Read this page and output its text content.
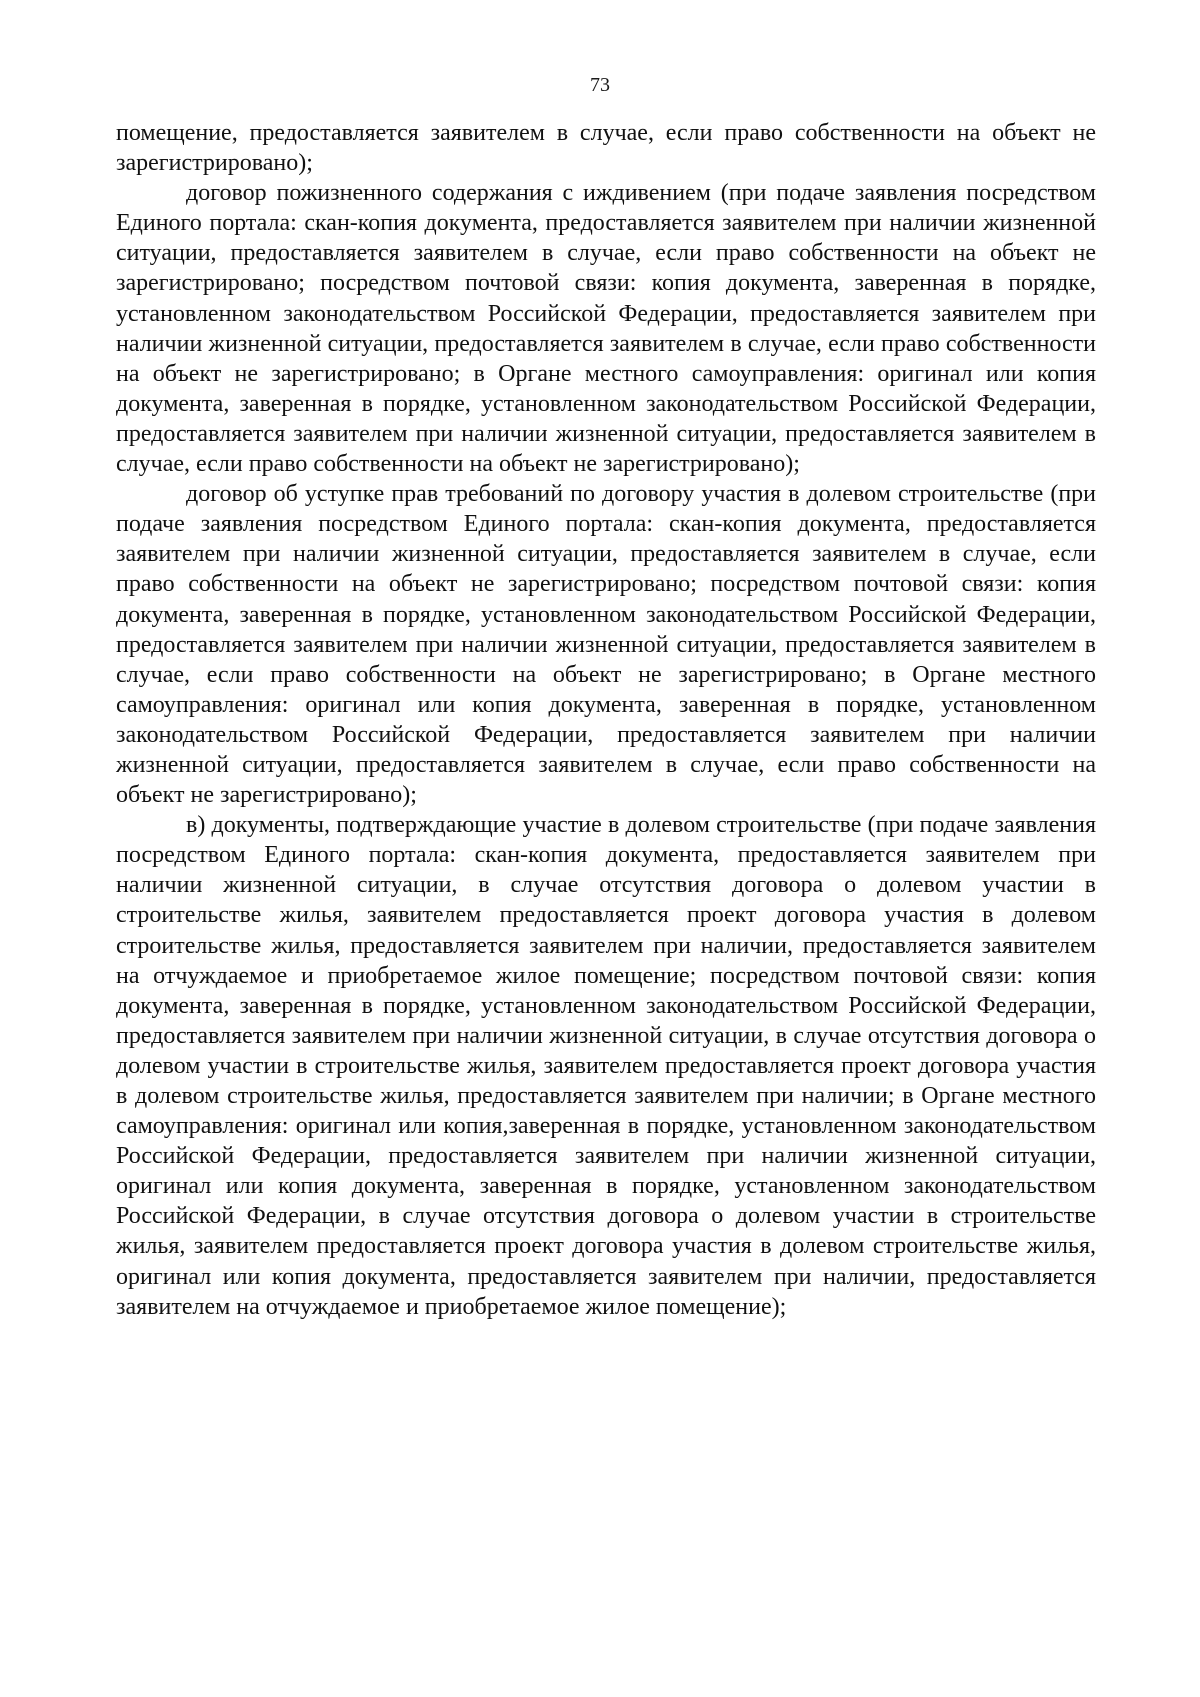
73

помещение, предоставляется заявителем в случае, если право собственности на объект не зарегистрировано);

договор пожизненного содержания с иждивением (при подаче заявления посредством Единого портала: скан-копия документа, предоставляется заявителем при наличии жизненной ситуации, предоставляется заявителем в случае, если право собственности на объект не зарегистрировано; посредством почтовой связи: копия документа, заверенная в порядке, установленном законодательством Российской Федерации, предоставляется заявителем при наличии жизненной ситуации, предоставляется заявителем в случае, если право собственности на объект не зарегистрировано; в Органе местного самоуправления: оригинал или копия документа, заверенная в порядке, установленном законодательством Российской Федерации, предоставляется заявителем при наличии жизненной ситуации, предоставляется заявителем в случае, если право собственности на объект не зарегистрировано);

договор об уступке прав требований по договору участия в долевом строительстве (при подаче заявления посредством Единого портала: скан-копия документа, предоставляется заявителем при наличии жизненной ситуации, предоставляется заявителем в случае, если право собственности на объект не зарегистрировано; посредством почтовой связи: копия документа, заверенная в порядке, установленном законодательством Российской Федерации, предоставляется заявителем при наличии жизненной ситуации, предоставляется заявителем в случае, если право собственности на объект не зарегистрировано; в Органе местного самоуправления: оригинал или копия документа, заверенная в порядке, установленном законодательством Российской Федерации, предоставляется заявителем при наличии жизненной ситуации, предоставляется заявителем в случае, если право собственности на объект не зарегистрировано);

в) документы, подтверждающие участие в долевом строительстве (при подаче заявления посредством Единого портала: скан-копия документа, предоставляется заявителем при наличии жизненной ситуации, в случае отсутствия договора о долевом участии в строительстве жилья, заявителем предоставляется проект договора участия в долевом строительстве жилья, предоставляется заявителем при наличии, предоставляется заявителем на отчуждаемое и приобретаемое жилое помещение; посредством почтовой связи: копия документа, заверенная в порядке, установленном законодательством Российской Федерации, предоставляется заявителем при наличии жизненной ситуации, в случае отсутствия договора о долевом участии в строительстве жилья, заявителем предоставляется проект договора участия в долевом строительстве жилья, предоставляется заявителем при наличии; в Органе местного самоуправления: оригинал или копия,заверенная в порядке, установленном законодательством Российской Федерации, предоставляется заявителем при наличии жизненной ситуации, оригинал или копия документа, заверенная в порядке, установленном законодательством Российской Федерации, в случае отсутствия договора о долевом участии в строительстве жилья, заявителем предоставляется проект договора участия в долевом строительстве жилья, оригинал или копия документа, предоставляется заявителем при наличии, предоставляется заявителем на отчуждаемое и приобретаемое жилое помещение);
